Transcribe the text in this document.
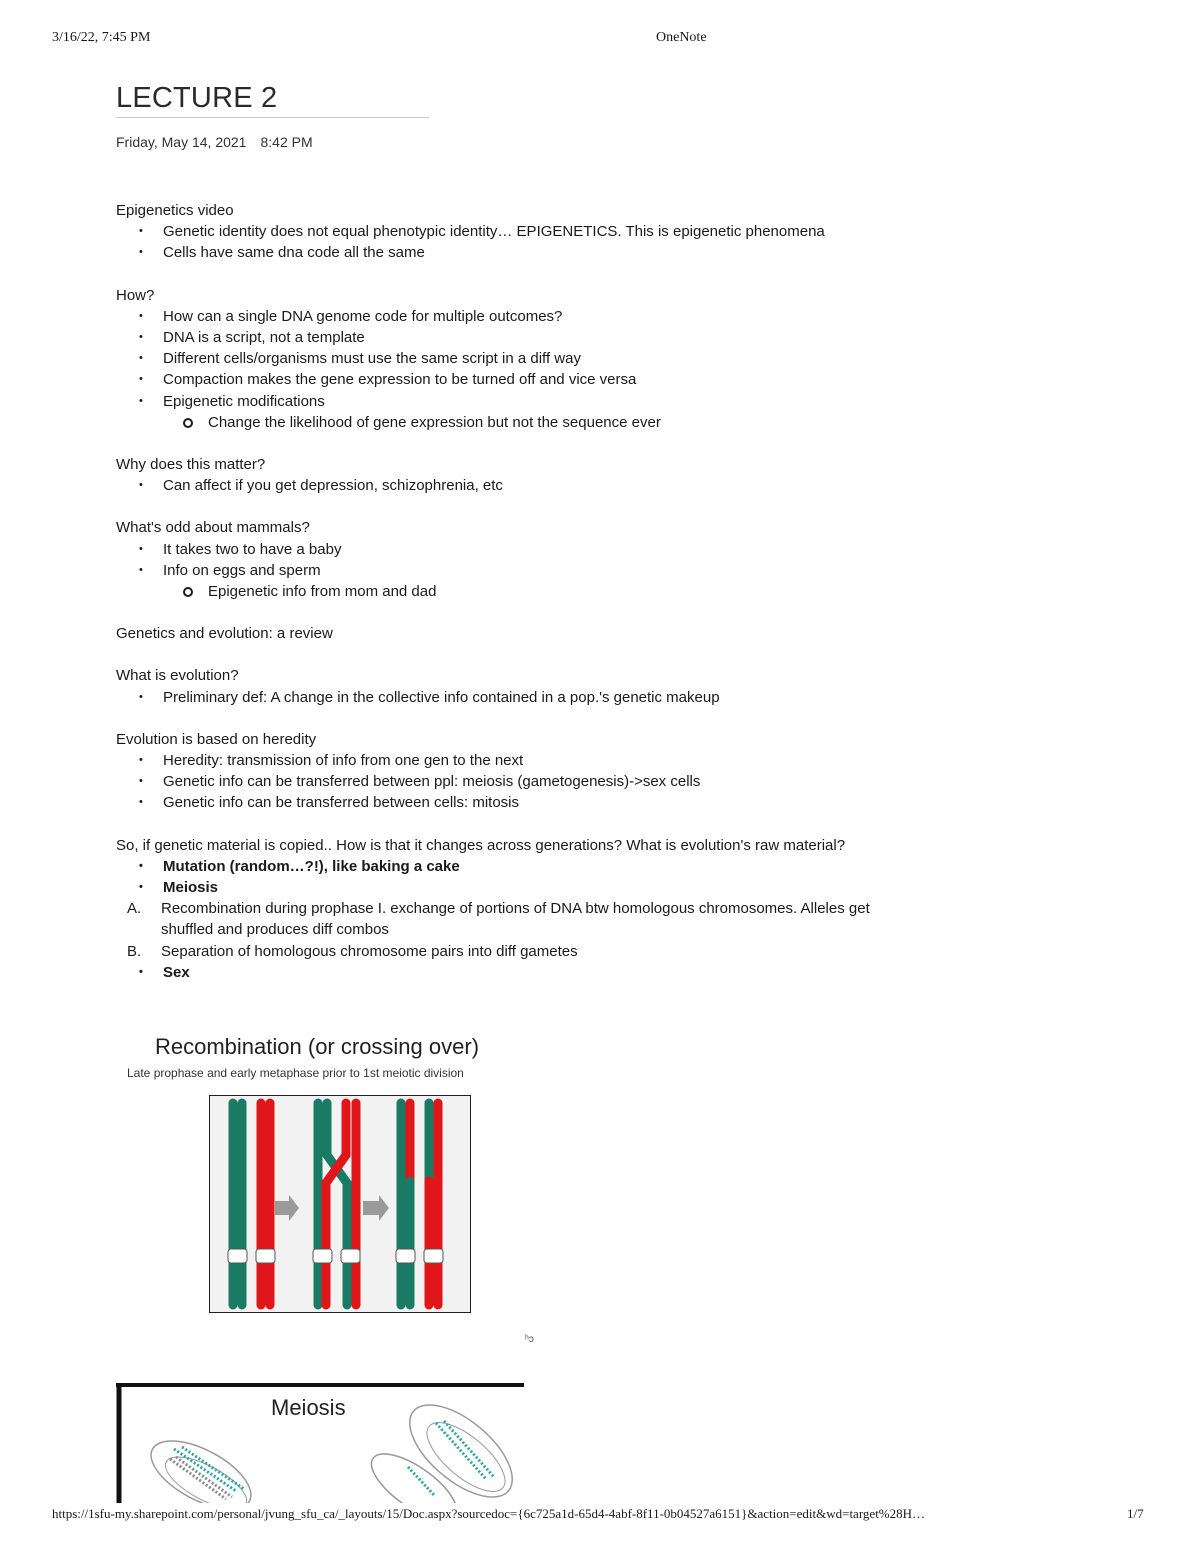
3/16/22, 7:45 PM	OneNote
LECTURE 2
Friday, May 14, 2021 8:42 PM
Epigenetics video
• Genetic identity does not equal phenotypic identity… EPIGENETICS. This is epigenetic phenomena
• Cells have same dna code all the same
How?
• How can a single DNA genome code for multiple outcomes?
• DNA is a script, not a template
• Different cells/organisms must use the same script in a diff way
• Compaction makes the gene expression to be turned off and vice versa
• Epigenetic modifications
Change the likelihood of gene expression but not the sequence ever
Why does this matter?
• Can affect if you get depression, schizophrenia, etc
What's odd about mammals?
• It takes two to have a baby
• Info on eggs and sperm
Epigenetic info from mom and dad
Genetics and evolution: a review
What is evolution?
• Preliminary def: A change in the collective info contained in a pop.'s genetic makeup
Evolution is based on heredity
• Heredity: transmission of info from one gen to the next
• Genetic info can be transferred between ppl: meiosis (gametogenesis)->sex cells
• Genetic info can be transferred between cells: mitosis
So, if genetic material is copied.. How is that it changes across generations? What is evolution's raw material?
• Mutation (random…?!), like baking a cake
• Meiosis
A. Recombination during prophase I. exchange of portions of DNA btw homologous chromosomes. Alleles get shuffled and produces diff combos
B. Separation of homologous chromosome pairs into diff gametes
• Sex
Recombination (or crossing over)
Late prophase and early metaphase prior to 1st meiotic division
ʰɔ
Meiosis
https://1sfu-my.sharepoint.com/personal/jvung_sfu_ca/_layouts/15/Doc.aspx?sourcedoc={6c725a1d-65d4-4abf-8f11-0b04527a6151}&action=edit&wd=target%28H…	1/7
